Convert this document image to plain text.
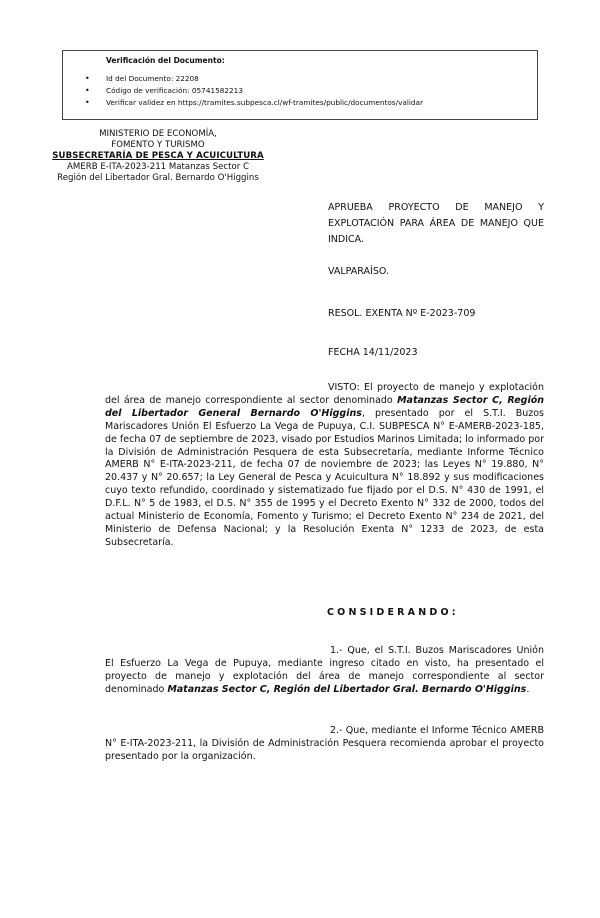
Verificación del Documento:
• Id del Documento: 22208
• Código de verificación: 05741582213
• Verificar validez en https://tramites.subpesca.cl/wf-tramites/public/documentos/validar
MINISTERIO DE ECONOMÍA,
FOMENTO Y TURISMO
SUBSECRETARÍA DE PESCA Y ACUICULTURA
AMERB E-ITA-2023-211 Matanzas Sector C
Región del Libertador Gral. Bernardo O'Higgins
APRUEBA PROYECTO DE MANEJO Y EXPLOTACIÓN PARA ÁREA DE MANEJO QUE INDICA.
VALPARAÍSO.
RESOL. EXENTA Nº E-2023-709
FECHA 14/11/2023
VISTO: El proyecto de manejo y explotación del área de manejo correspondiente al sector denominado Matanzas Sector C, Región del Libertador General Bernardo O'Higgins, presentado por el S.T.I. Buzos Mariscadores Unión El Esfuerzo La Vega de Pupuya, C.I. SUBPESCA N° E-AMERB-2023-185, de fecha 07 de septiembre de 2023, visado por Estudios Marinos Limitada; lo informado por la División de Administración Pesquera de esta Subsecretaría, mediante Informe Técnico AMERB N° E-ITA-2023-211, de fecha 07 de noviembre de 2023; las Leyes N° 19.880, N° 20.437 y N° 20.657; la Ley General de Pesca y Acuicultura N° 18.892 y sus modificaciones cuyo texto refundido, coordinado y sistematizado fue fijado por el D.S. N° 430 de 1991, el D.F.L. N° 5 de 1983, el D.S. N° 355 de 1995 y el Decreto Exento N° 332 de 2000, todos del actual Ministerio de Economía, Fomento y Turismo; el Decreto Exento N° 234 de 2021, del Ministerio de Defensa Nacional; y la Resolución Exenta N° 1233 de 2023, de esta Subsecretaría.
CONSIDERANDO:
1.- Que, el S.T.I. Buzos Mariscadores Unión El Esfuerzo La Vega de Pupuya, mediante ingreso citado en visto, ha presentado el proyecto de manejo y explotación del área de manejo correspondiente al sector denominado Matanzas Sector C, Región del Libertador Gral. Bernardo O'Higgins.
2.- Que, mediante el Informe Técnico AMERB N° E-ITA-2023-211, la División de Administración Pesquera recomienda aprobar el proyecto presentado por la organización.
